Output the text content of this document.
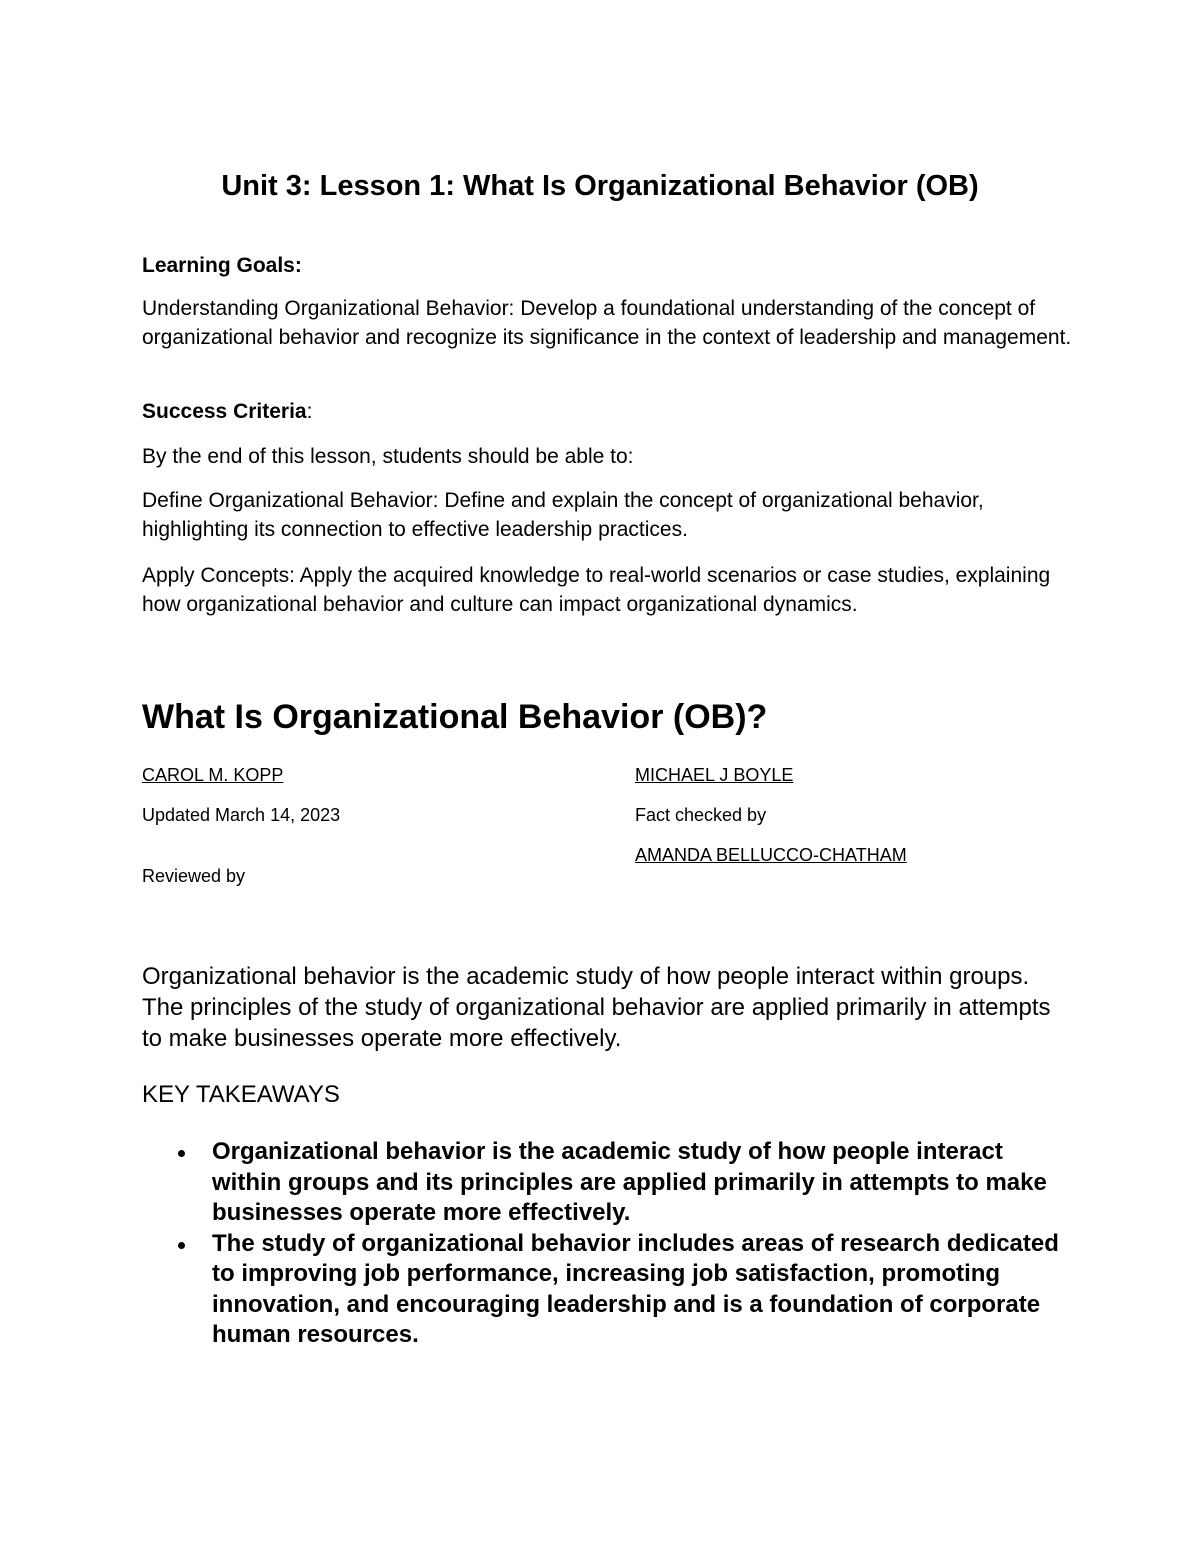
Unit 3: Lesson 1: What Is Organizational Behavior (OB)

Learning Goals:

Understanding Organizational Behavior: Develop a foundational understanding of the concept of organizational behavior and recognize its significance in the context of leadership and management.

Success Criteria:

By the end of this lesson, students should be able to:

Define Organizational Behavior: Define and explain the concept of organizational behavior, highlighting its connection to effective leadership practices.

Apply Concepts: Apply the acquired knowledge to real-world scenarios or case studies, explaining how organizational behavior and culture can impact organizational dynamics.

What Is Organizational Behavior (OB)?

CAROL M. KOPP

Updated March 14, 2023

Reviewed by

MICHAEL J BOYLE

Fact checked by

AMANDA BELLUCCO-CHATHAM

Organizational behavior is the academic study of how people interact within groups. The principles of the study of organizational behavior are applied primarily in attempts to make businesses operate more effectively.

KEY TAKEAWAYS

Organizational behavior is the academic study of how people interact within groups and its principles are applied primarily in attempts to make businesses operate more effectively.
The study of organizational behavior includes areas of research dedicated to improving job performance, increasing job satisfaction, promoting innovation, and encouraging leadership and is a foundation of corporate human resources.
